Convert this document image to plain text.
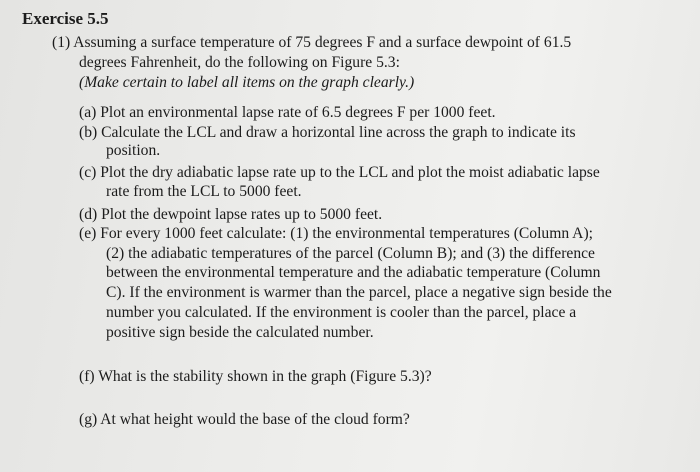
Exercise 5.5

(1) Assuming a surface temperature of 75 degrees F and a surface dewpoint of 61.5

degrees Fahrenheit, do the following on Figure 5.3:

(Make certain to label all items on the graph clearly.)

(a) Plot an environmental lapse rate of 6.5 degrees F per 1000 feet.

(b) Calculate the LCL and draw a horizontal line across the graph to indicate its

position.

(c) Plot the dry adiabatic lapse rate up to the LCL and plot the moist adiabatic lapse

rate from the LCL to 5000 feet.

(d) Plot the dewpoint lapse rates up to 5000 feet.

(e) For every 1000 feet calculate: (1) the environmental temperatures (Column A);

(2) the adiabatic temperatures of the parcel (Column B); and (3) the difference

between the environmental temperature and the adiabatic temperature (Column

C). If the environment is warmer than the parcel, place a negative sign beside the

number you calculated. If the environment is cooler than the parcel, place a

positive sign beside the calculated number.

(f) What is the stability shown in the graph (Figure 5.3)?

(g) At what height would the base of the cloud form?
